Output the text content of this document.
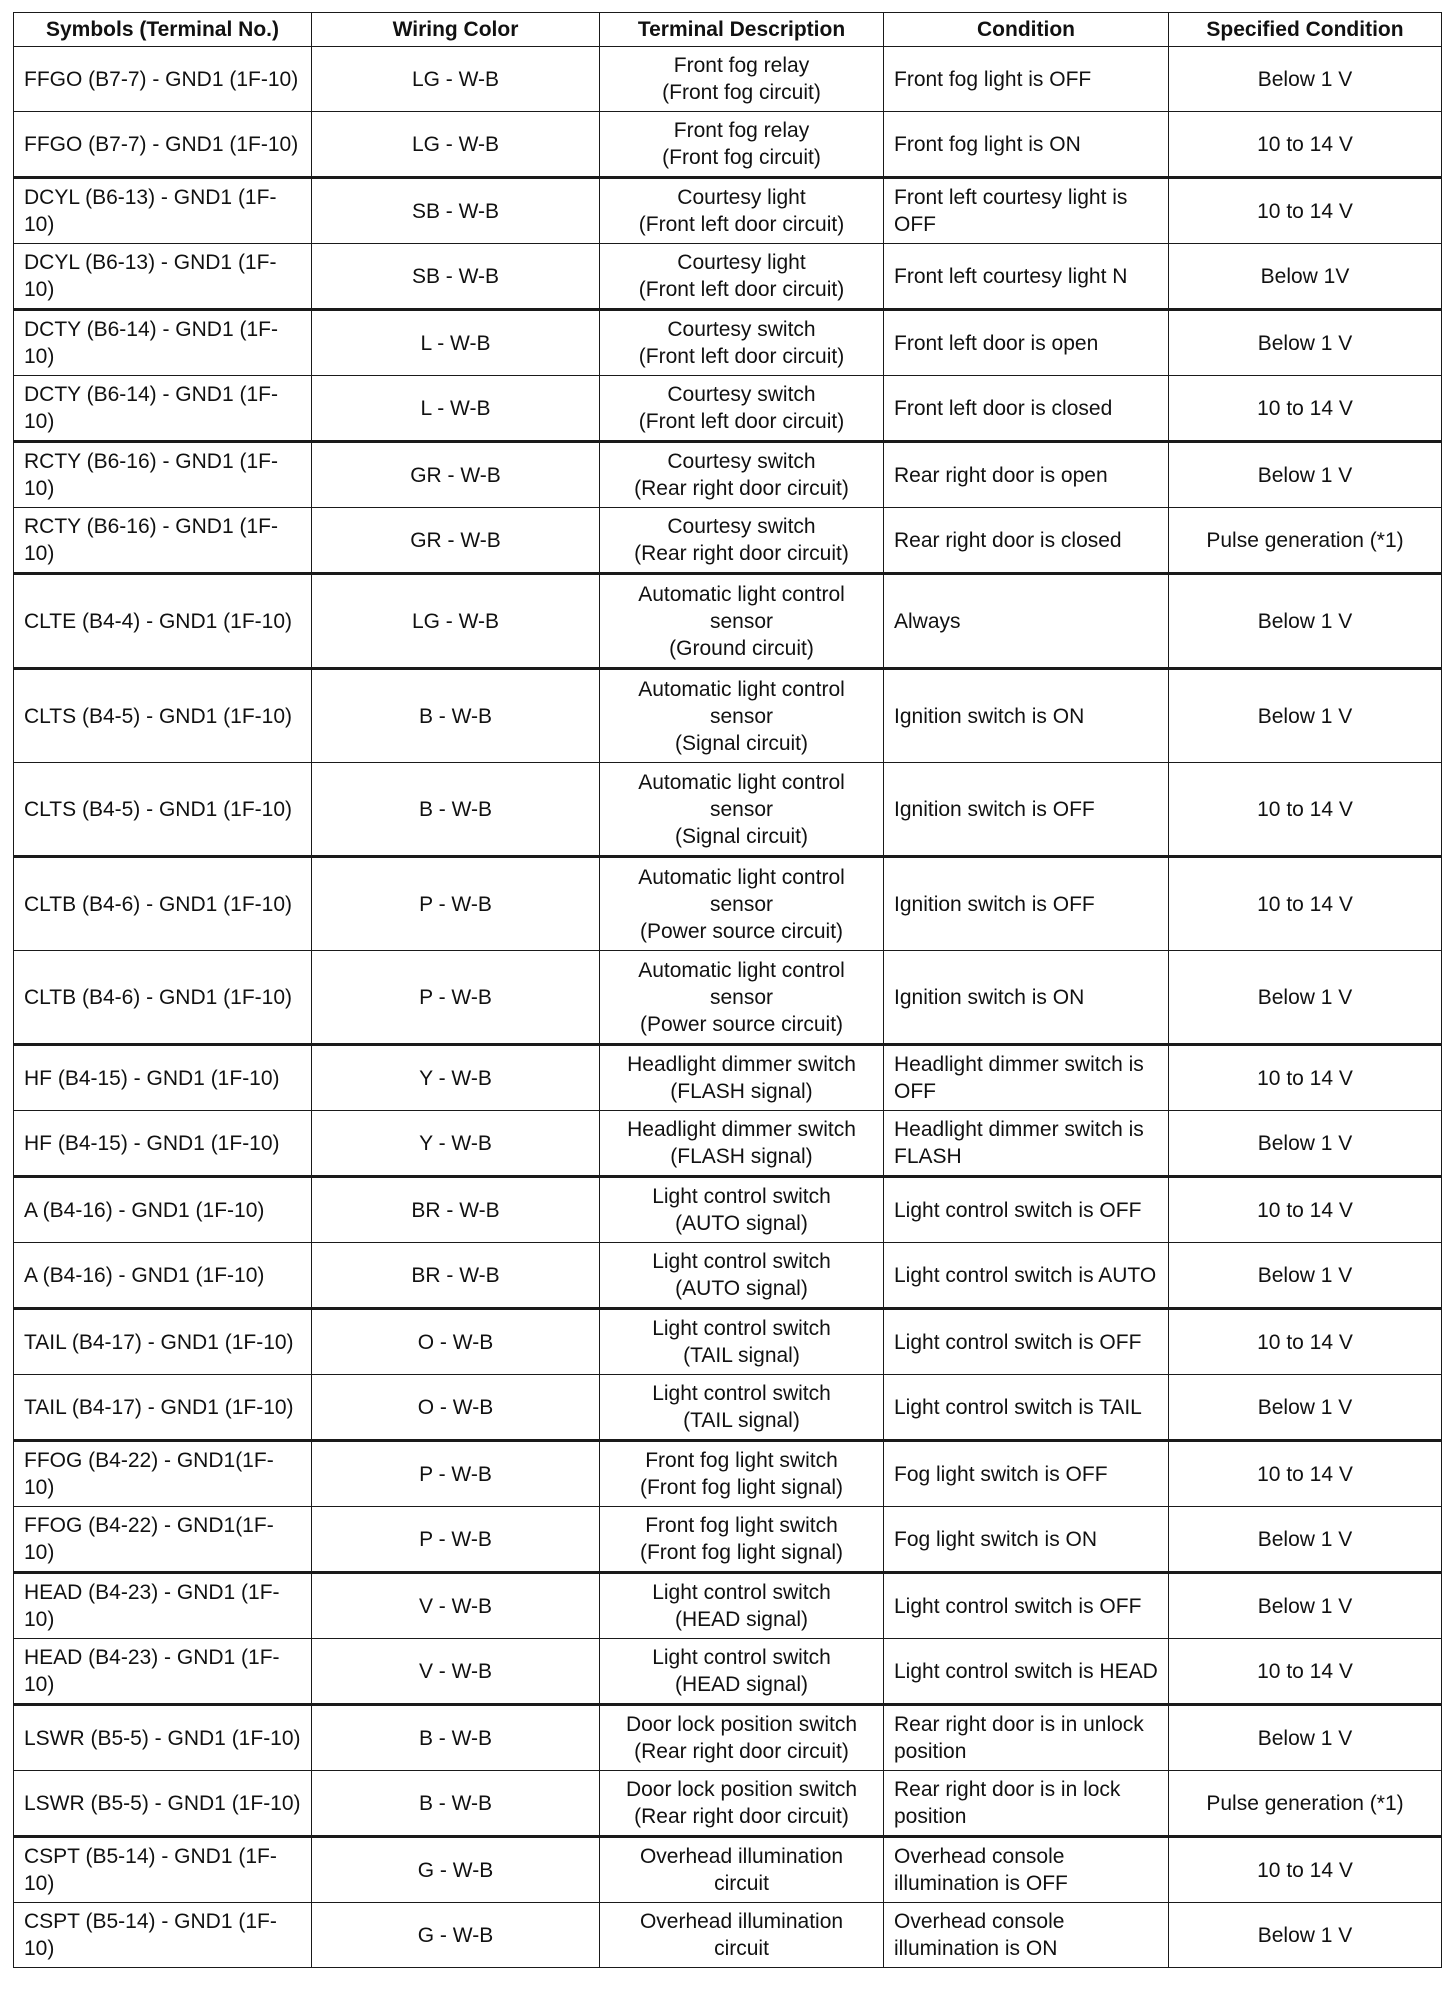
Symbols (Terminal No.)	Wiring Color	Terminal Description	Condition	Specified Condition
FFGO (B7-7) - GND1 (1F-10)	LG - W-B	Front fog relay
(Front fog circuit)	Front fog light is OFF	Below 1 V
FFGO (B7-7) - GND1 (1F-10)	LG - W-B	Front fog relay
(Front fog circuit)	Front fog light is ON	10 to 14 V
DCYL (B6-13) - GND1 (1F-10)	SB - W-B	Courtesy light
(Front left door circuit)	Front left courtesy light is OFF	10 to 14 V
DCYL (B6-13) - GND1 (1F-10)	SB - W-B	Courtesy light
(Front left door circuit)	Front left courtesy light N	Below 1V
DCTY (B6-14) - GND1 (1F-10)	L - W-B	Courtesy switch
(Front left door circuit)	Front left door is open	Below 1 V
DCTY (B6-14) - GND1 (1F-10)	L - W-B	Courtesy switch
(Front left door circuit)	Front left door is closed	10 to 14 V
RCTY (B6-16) - GND1 (1F-10)	GR - W-B	Courtesy switch
(Rear right door circuit)	Rear right door is open	Below 1 V
RCTY (B6-16) - GND1 (1F-10)	GR - W-B	Courtesy switch
(Rear right door circuit)	Rear right door is closed	Pulse generation (*1)
CLTE (B4-4) - GND1 (1F-10)	LG - W-B	Automatic light control
sensor
(Ground circuit)	Always	Below 1 V
CLTS (B4-5) - GND1 (1F-10)	B - W-B	Automatic light control
sensor
(Signal circuit)	Ignition switch is ON	Below 1 V
CLTS (B4-5) - GND1 (1F-10)	B - W-B	Automatic light control
sensor
(Signal circuit)	Ignition switch is OFF	10 to 14 V
CLTB (B4-6) - GND1 (1F-10)	P - W-B	Automatic light control
sensor
(Power source circuit)	Ignition switch is OFF	10 to 14 V
CLTB (B4-6) - GND1 (1F-10)	P - W-B	Automatic light control
sensor
(Power source circuit)	Ignition switch is ON	Below 1 V
HF (B4-15) - GND1 (1F-10)	Y - W-B	Headlight dimmer switch
(FLASH signal)	Headlight dimmer switch is OFF	10 to 14 V
HF (B4-15) - GND1 (1F-10)	Y - W-B	Headlight dimmer switch
(FLASH signal)	Headlight dimmer switch is FLASH	Below 1 V
A (B4-16) - GND1 (1F-10)	BR - W-B	Light control switch
(AUTO signal)	Light control switch is OFF	10 to 14 V
A (B4-16) - GND1 (1F-10)	BR - W-B	Light control switch
(AUTO signal)	Light control switch is AUTO	Below 1 V
TAIL (B4-17) - GND1 (1F-10)	O - W-B	Light control switch
(TAIL signal)	Light control switch is OFF	10 to 14 V
TAIL (B4-17) - GND1 (1F-10)	O - W-B	Light control switch
(TAIL signal)	Light control switch is TAIL	Below 1 V
FFOG (B4-22) - GND1(1F-10)	P - W-B	Front fog light switch
(Front fog light signal)	Fog light switch is OFF	10 to 14 V
FFOG (B4-22) - GND1(1F-10)	P - W-B	Front fog light switch
(Front fog light signal)	Fog light switch is ON	Below 1 V
HEAD (B4-23) - GND1 (1F-10)	V - W-B	Light control switch
(HEAD signal)	Light control switch is OFF	Below 1 V
HEAD (B4-23) - GND1 (1F-10)	V - W-B	Light control switch
(HEAD signal)	Light control switch is HEAD	10 to 14 V
LSWR (B5-5) - GND1 (1F-10)	B - W-B	Door lock position switch
(Rear right door circuit)	Rear right door is in unlock position	Below 1 V
LSWR (B5-5) - GND1 (1F-10)	B - W-B	Door lock position switch
(Rear right door circuit)	Rear right door is in lock position	Pulse generation (*1)
CSPT (B5-14) - GND1 (1F-10)	G - W-B	Overhead illumination
circuit	Overhead console illumination is OFF	10 to 14 V
CSPT (B5-14) - GND1 (1F-10)	G - W-B	Overhead illumination
circuit	Overhead console illumination is ON	Below 1 V
